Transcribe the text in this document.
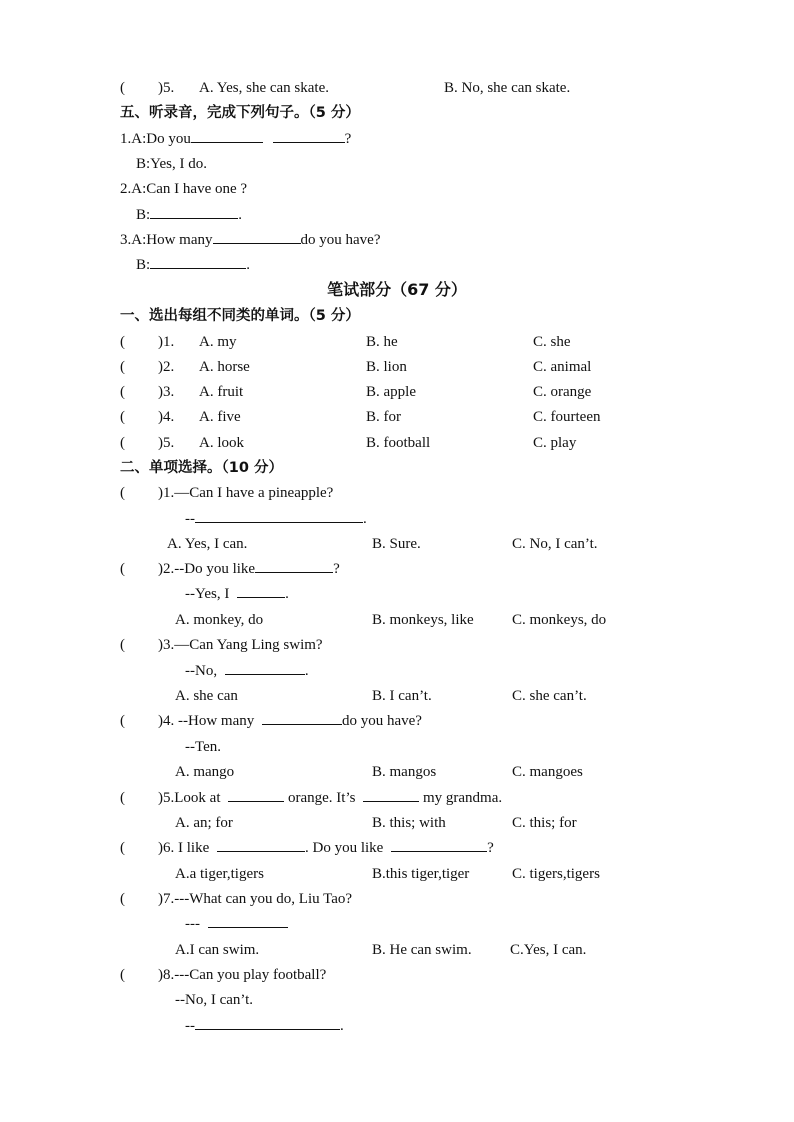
( )5. A. Yes, she can skate.	B. No, she can skate.
五、听录音，完成下列句子。（5 分）
1.A:Do you	?
B:Yes, I do.
2.A:Can I have one ?
B:	.
3.A:How many	do you have?
B:	.
笔试部分（67 分）
一、选出每组不同类的单词。（5 分）
( )1. A. my	B. he	C. she
( )2. A. horse	B. lion	C. animal
( )3. A. fruit	B. apple	C. orange
( )4. A. five	B. for	C. fourteen
( )5. A. look	B. football	C. play
二、单项选择。（10 分）
( )1.—Can I have a pineapple?
--	.
A. Yes, I can.	B. Sure.	C. No, I can’t.
( )2.--Do you like	?
--Yes, I	.
A. monkey, do	B. monkeys, like	C. monkeys, do
( )3.—Can Yang Ling swim?
--No,	.
A. she can	B. I can’t.	C. she can’t.
( )4. --How many	do you have?
--Ten.
A. mango	B. mangos	C. mangoes
( )5.Look at	orange. It’s	my grandma.
A. an; for	B. this; with	C. this; for
( )6. I like	. Do you like	?
A.a tiger,tigers	B.this tiger,tiger	C. tigers,tigers
( )7.---What can you do, Liu Tao?
---
A.I can swim.	B. He can swim.	C.Yes, I can.
( )8.---Can you play football?
--No, I can’t.
--	.
